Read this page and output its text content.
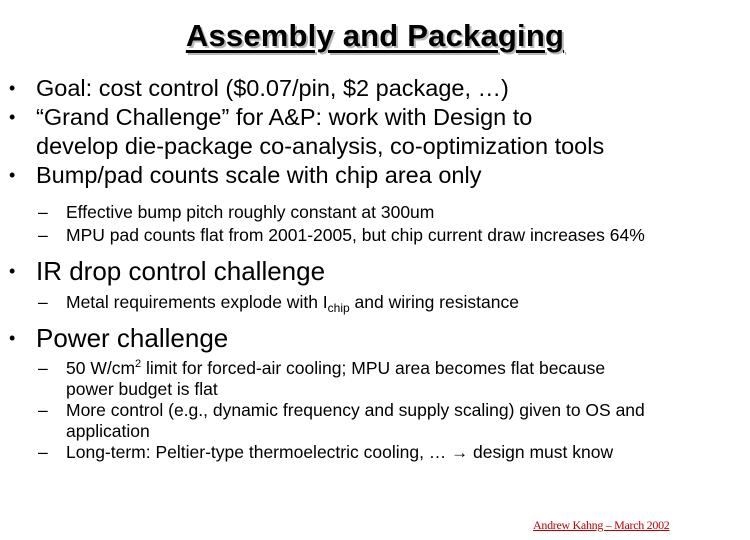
Assembly and Packaging
• Goal: cost control ($0.07/pin, $2 package, …)
• “Grand Challenge” for A&P: work with Design to
develop die-package co-analysis, co-optimization tools
• Bump/pad counts scale with chip area only
– Effective bump pitch roughly constant at 300um
– MPU pad counts flat from 2001-2005, but chip current draw increases 64%
• IR drop control challenge
– Metal requirements explode with $I_{chip}$ and wiring resistance
• Power challenge
– 50 $W/cm^2$ limit for forced-air cooling; MPU area becomes flat because
power budget is flat
– More control (e.g., dynamic frequency and supply scaling) given to OS and
application
– Long-term: Peltier-type thermoelectric cooling, … → design must know
Andrew Kahng – March 2002
